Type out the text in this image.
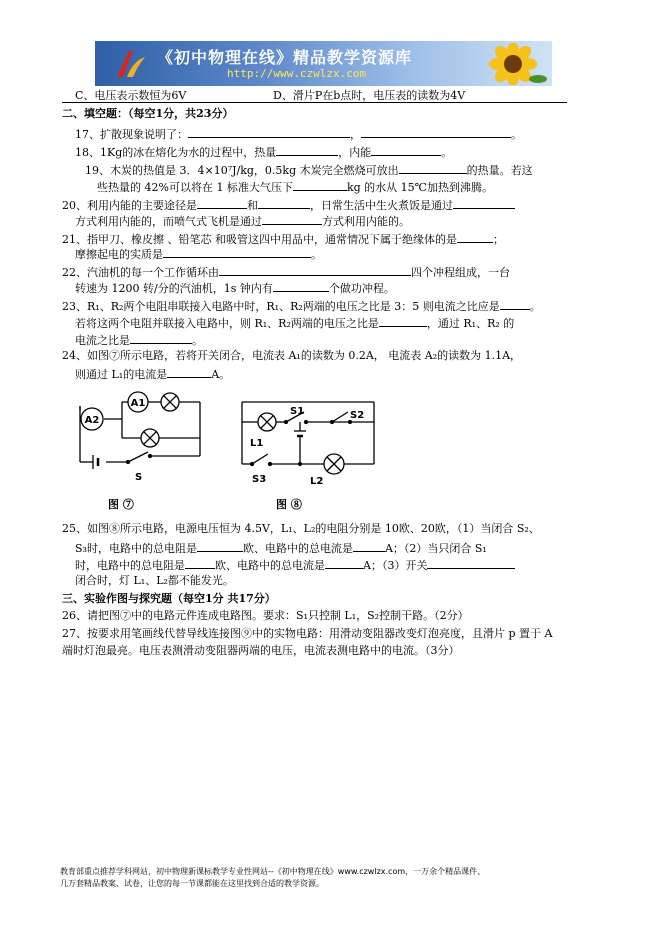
《初中物理在线》精品教学资源库
http://www.czwlzx.com
C、电压表示数恒为6V	D、滑片P在b点时，电压表的读数为4V
二、填空题：（每空1分，共23分）
17、扩散现象说明了：	，	。
18、1Kg的冰在熔化为水的过程中，热量	，内能	。
19、木炭的热值是 3．4×10⁷J/kg，0.5kg 木炭完全燃烧可放出	的热量。若这
些热量的 42%可以将在 1 标准大气压下	kg 的水从 15℃加热到沸腾。
20、利用内能的主要途径是	和	，日常生活中生火煮饭是通过
方式利用内能的，而喷气式飞机是通过	方式利用内能的。
21、指甲刀、橡皮擦 、铅笔芯 和吸管这四中用品中，通常情况下属于绝缘体的是	；
摩擦起电的实质是	。
22、汽油机的每一个工作循环由	四个冲程组成，一台
转速为 1200 转/分的汽油机，1s 钟内有	个做功冲程。
23、R₁、R₂两个电阻串联接入电路中时，R₁、R₂两端的电压之比是 3：5 则电流之比应是	。
若将这两个电阻并联接入电路中，则 R₁、R₂两端的电压之比是	，通过 R₁、R₂ 的
电流之比是	。
24、如图⑦所示电路，若将开关闭合，电流表 A₁的读数为 0.2A， 电流表 A₂的读数为 1.1A，
则通过 L₁的电流是	A。
A2
A1
S
图 ⑦
S1	S2
L1
S3	L2
图 ⑧
25、如图⑧所示电路，电源电压恒为 4.5V，L₁、L₂的电阻分别是 10欧、20欧，（1）当闭合 S₂、
S₃时，电路中的总电阻是	欧、电路中的总电流是	A；（2）当只闭合 S₁
时，电路中的总电阻是	欧、电路中的总电流是	A；（3）开关
闭合时，灯 L₁、L₂都不能发光。
三、实验作图与探究题（每空1分 共17分）
26、请把图⑦中的电路元件连成电路图。要求：S₁只控制 L₁，S₂控制干路。（2分）
27、按要求用笔画线代替导线连接图⑨中的实物电路：用滑动变阻器改变灯泡亮度，且滑片 p 置于 A
端时灯泡最亮。电压表测滑动变阻器两端的电压，电流表测电路中的电流。（3分）
教育部重点推荐学科网站，初中物理新课标教学专业性网站--《初中物理在线》www.czwlzx.com，一万余个精品课件、
几万套精品教案、试卷，让您的每一节课都能在这里找到合适的教学资源。
